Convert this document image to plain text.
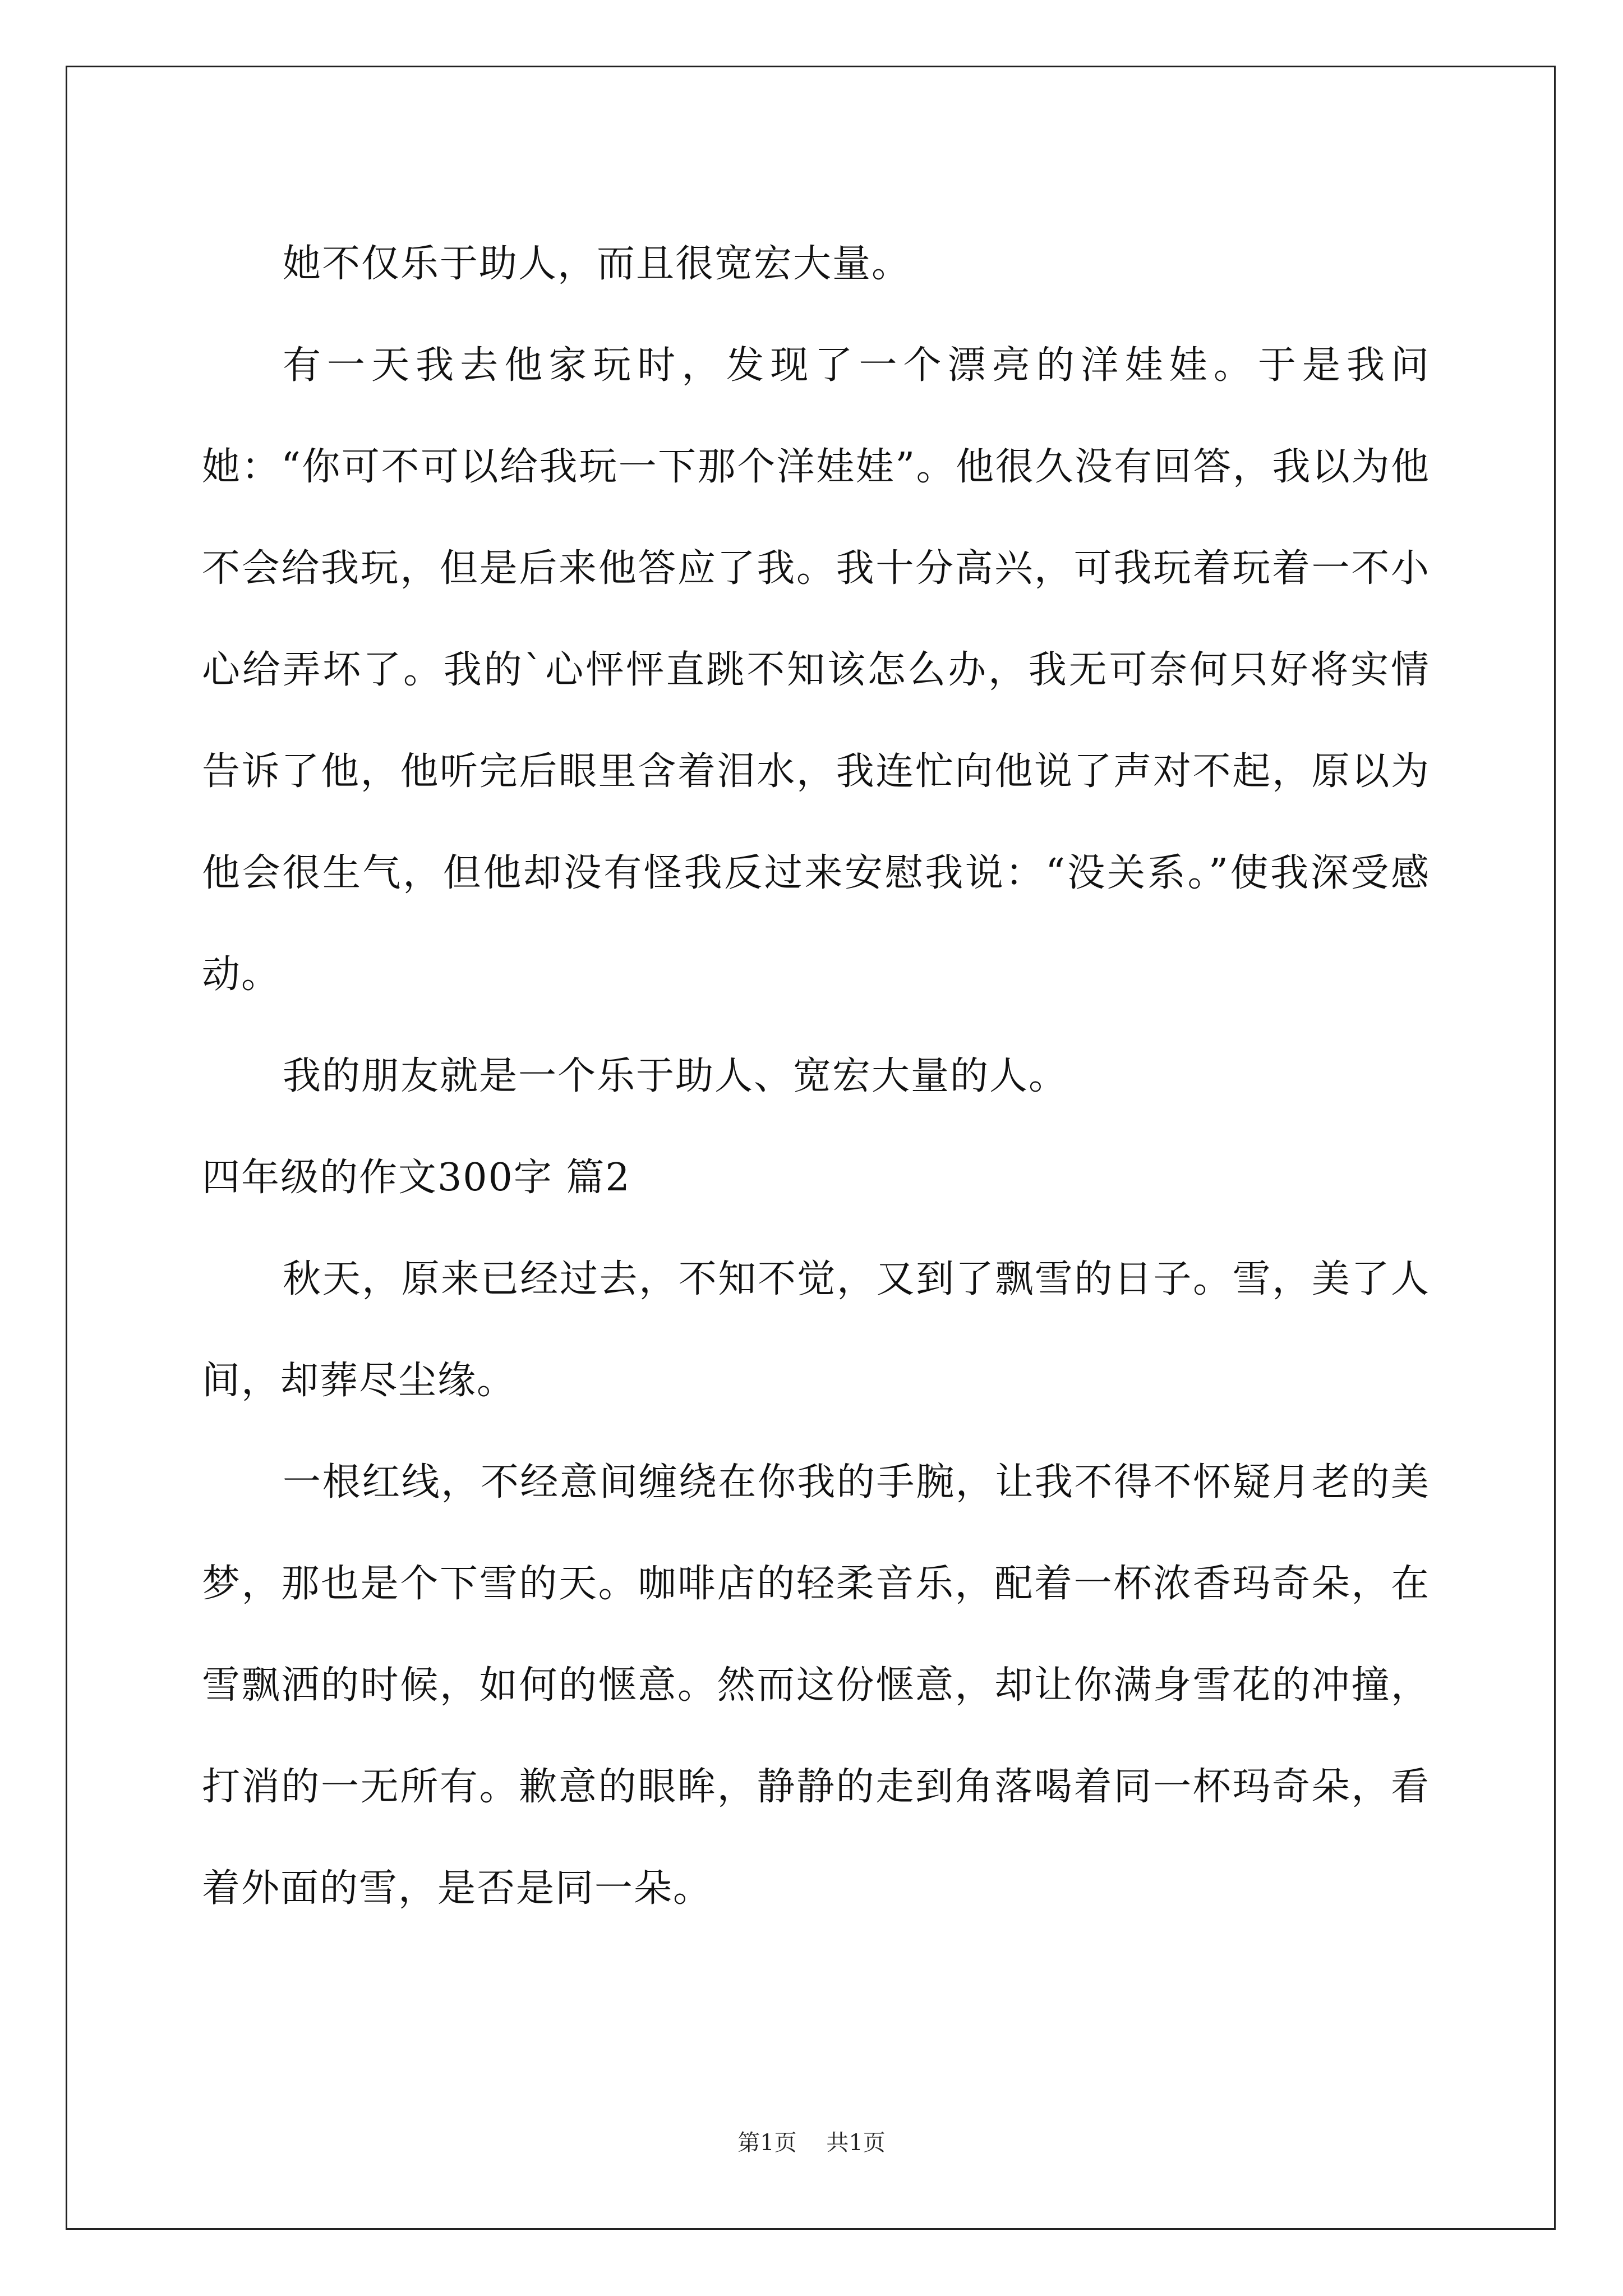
她不仅乐于助人，而且很宽宏大量。

有一天我去他家玩时，发现了一个漂亮的洋娃娃。于是我问她：“你可不可以给我玩一下那个洋娃娃”。他很久没有回答，我以为他不会给我玩，但是后来他答应了我。我十分高兴，可我玩着玩着一不小心给弄坏了。我的`心怦怦直跳不知该怎么办，我无可奈何只好将实情告诉了他，他听完后眼里含着泪水，我连忙向他说了声对不起，原以为他会很生气，但他却没有怪我反过来安慰我说：“没关系。”使我深受感动。

我的朋友就是一个乐于助人、宽宏大量的人。

四年级的作文300字 篇2

秋天，原来已经过去，不知不觉，又到了飘雪的日子。雪，美了人间，却葬尽尘缘。

一根红线，不经意间缠绕在你我的手腕，让我不得不怀疑月老的美梦，那也是个下雪的天。咖啡店的轻柔音乐，配着一杯浓香玛奇朵，在雪飘洒的时候，如何的惬意。然而这份惬意，却让你满身雪花的冲撞，打消的一无所有。歉意的眼眸，静静的走到角落喝着同一杯玛奇朵，看着外面的雪，是否是同一朵。

第1页 共1页
